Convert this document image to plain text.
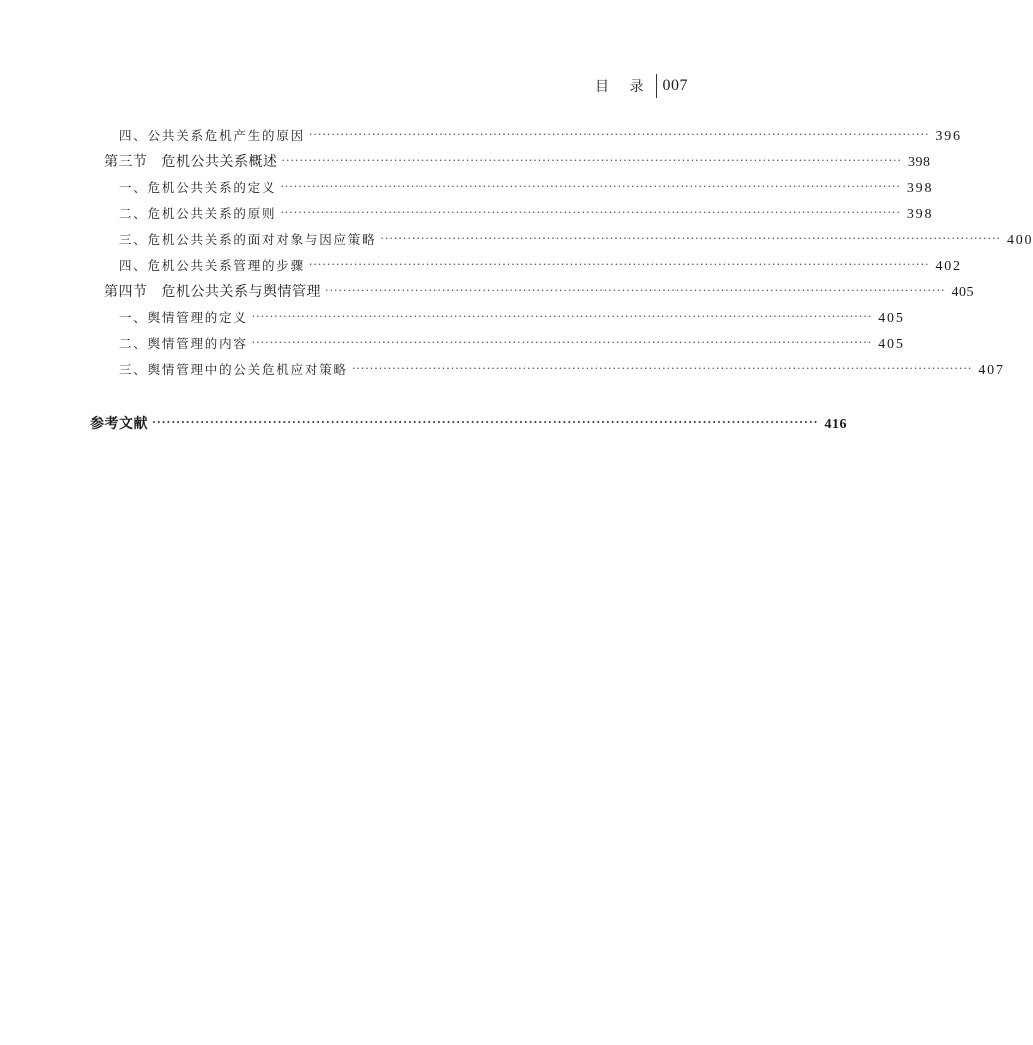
目 录 007
四、公共关系危机产生的原因 ·········································································································································· 396
第三节 危机公共关系概述 ·········································································································································· 398
一、危机公共关系的定义 ·········································································································································· 398
二、危机公共关系的原则 ·········································································································································· 398
三、危机公共关系的面对对象与因应策略 ·········································································································································· 400
四、危机公共关系管理的步骤 ·········································································································································· 402
第四节 危机公共关系与舆情管理 ·········································································································································· 405
一、舆情管理的定义 ·········································································································································· 405
二、舆情管理的内容 ·········································································································································· 405
三、舆情管理中的公关危机应对策略 ·········································································································································· 407
参考文献 ·········································································································································· 416
